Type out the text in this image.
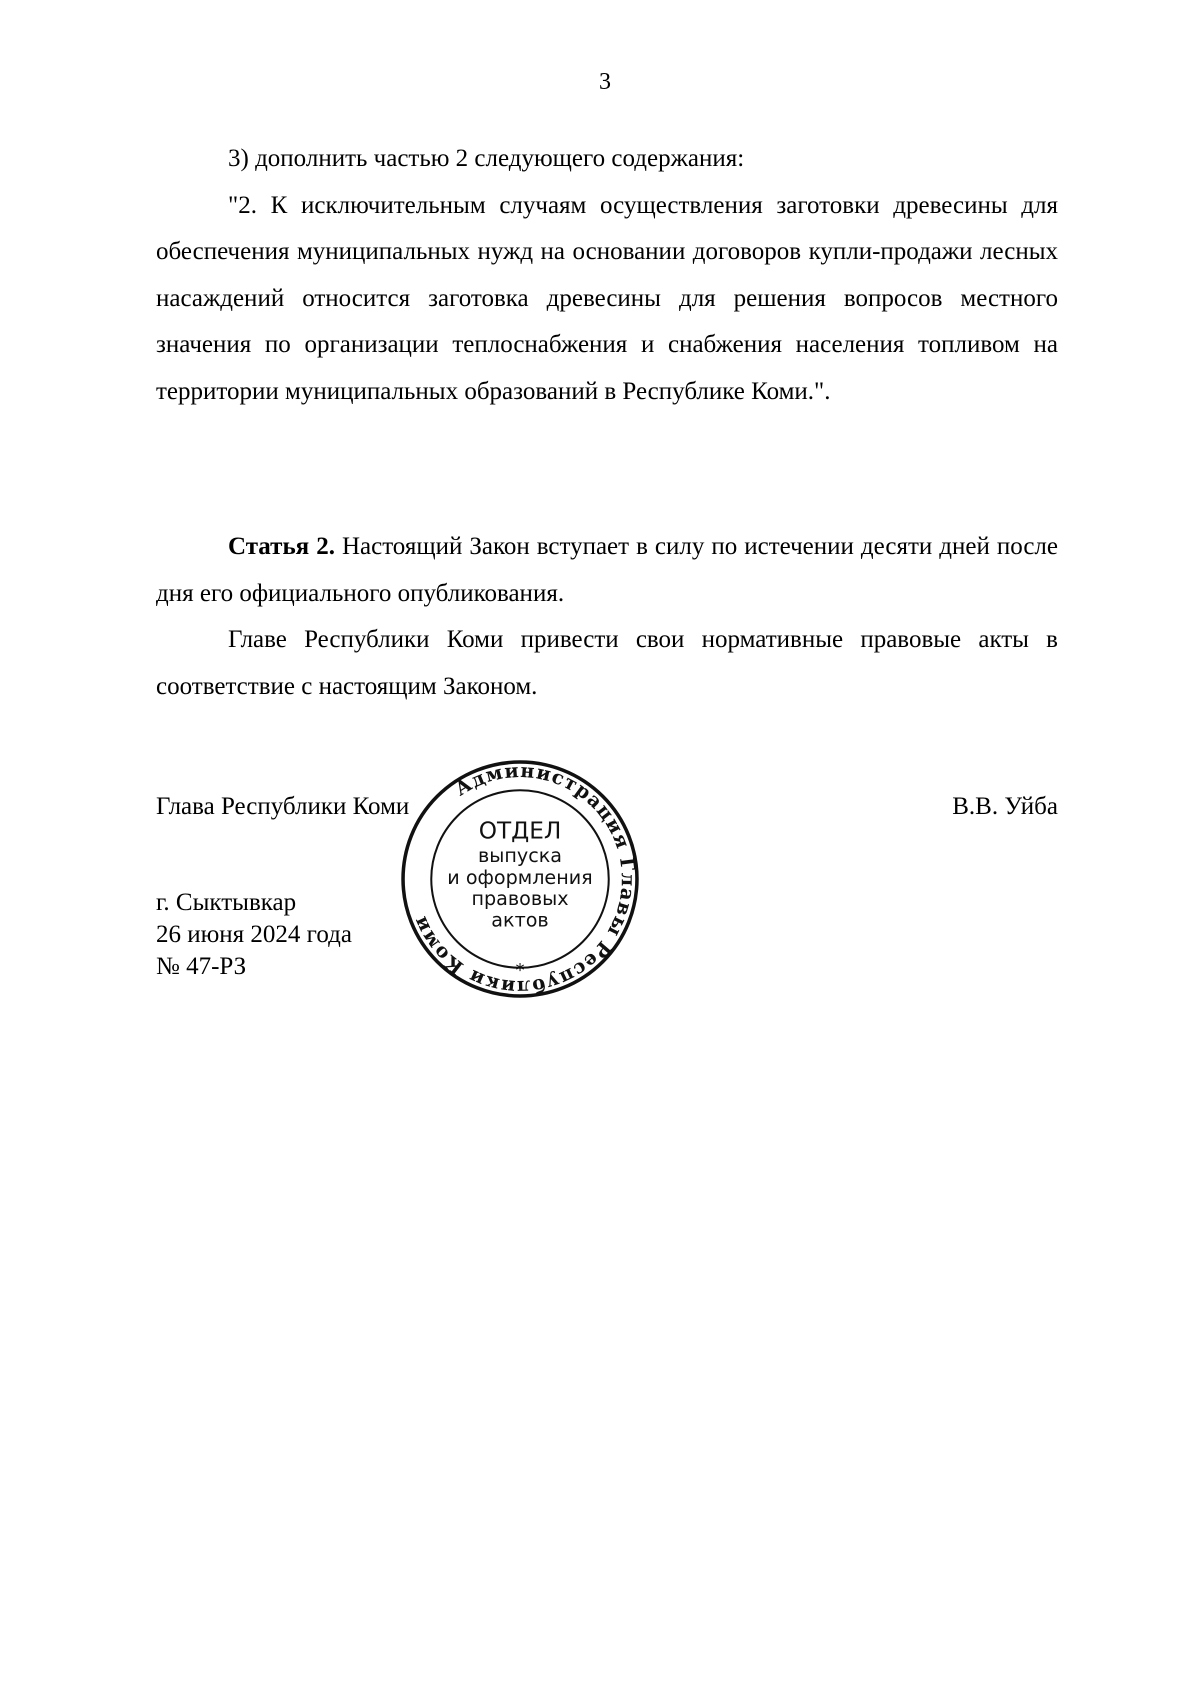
3

3) дополнить частью 2 следующего содержания:

"2. К исключительным случаям осуществления заготовки древесины для обеспечения муниципальных нужд на основании договоров купли-продажи лесных насаждений относится заготовка древесины для решения вопросов местного значения по организации теплоснабжения и снабжения населения топливом на территории муниципальных образований в Республике Коми.".

Статья 2. Настоящий Закон вступает в силу по истечении десяти дней после дня его официального опубликования.

Главе Республики Коми привести свои нормативные правовые акты в соответствие с настоящим Законом.

Глава Республики Коми	В.В. Уйба
г. Сыктывкар
26 июня 2024 года
№ 47-РЗ
Администрация Главы Республики Коми
ОТДЕЛ
выпуска
и оформления
правовых
актов
*
